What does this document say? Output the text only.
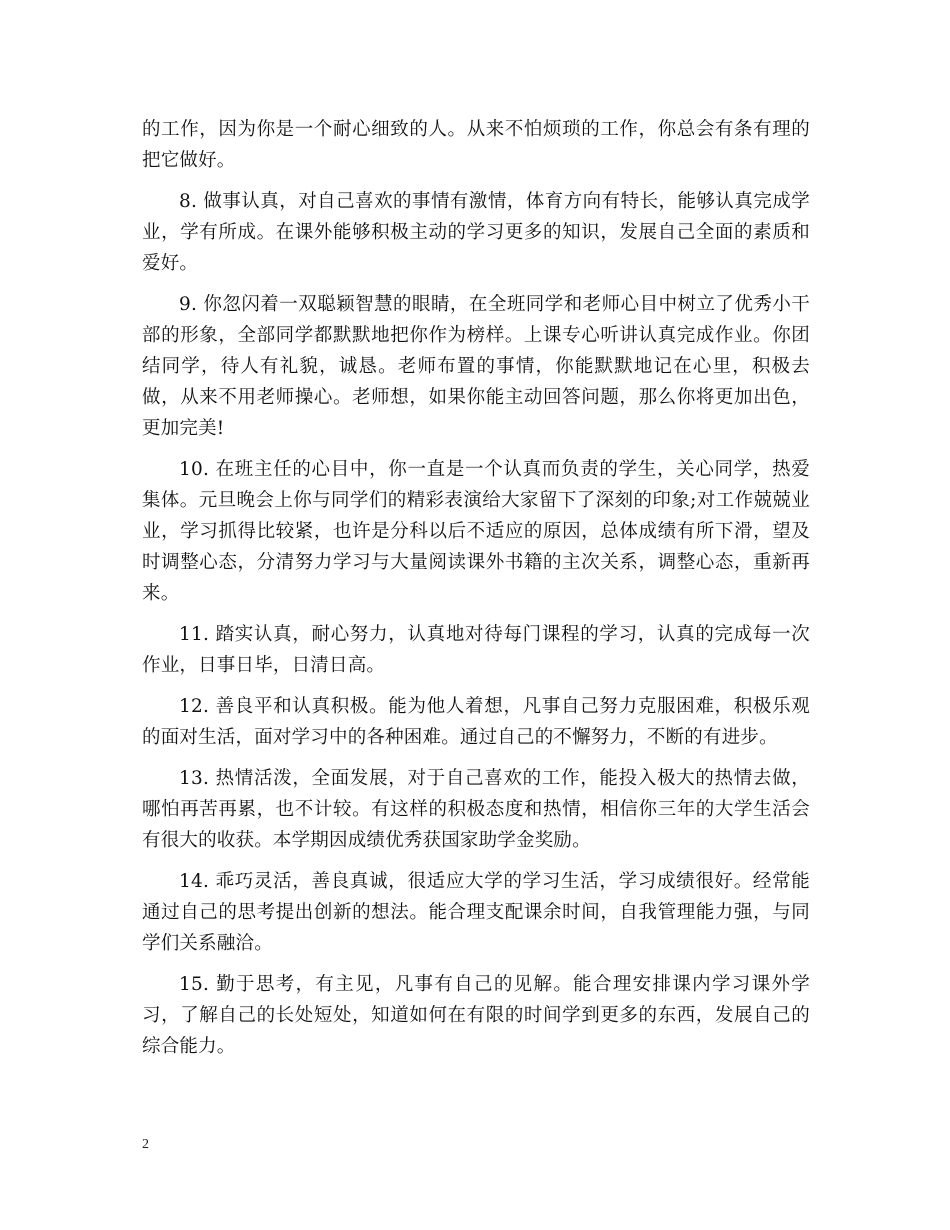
的工作，因为你是一个耐心细致的人。从来不怕烦琐的工作，你总会有条有理的把它做好。

8. 做事认真，对自己喜欢的事情有激情，体育方向有特长，能够认真完成学业，学有所成。在课外能够积极主动的学习更多的知识，发展自己全面的素质和爱好。

9. 你忽闪着一双聪颖智慧的眼睛，在全班同学和老师心目中树立了优秀小干部的形象，全部同学都默默地把你作为榜样。上课专心听讲认真完成作业。你团结同学，待人有礼貌，诚恳。老师布置的事情，你能默默地记在心里，积极去做，从来不用老师操心。老师想，如果你能主动回答问题，那么你将更加出色，更加完美!

10. 在班主任的心目中，你一直是一个认真而负责的学生，关心同学，热爱集体。元旦晚会上你与同学们的精彩表演给大家留下了深刻的印象;对工作兢兢业业，学习抓得比较紧，也许是分科以后不适应的原因，总体成绩有所下滑，望及时调整心态，分清努力学习与大量阅读课外书籍的主次关系，调整心态，重新再来。

11. 踏实认真，耐心努力，认真地对待每门课程的学习，认真的完成每一次作业，日事日毕，日清日高。

12. 善良平和认真积极。能为他人着想，凡事自己努力克服困难，积极乐观的面对生活，面对学习中的各种困难。通过自己的不懈努力，不断的有进步。

13. 热情活泼，全面发展，对于自己喜欢的工作，能投入极大的热情去做，哪怕再苦再累，也不计较。有这样的积极态度和热情，相信你三年的大学生活会有很大的收获。本学期因成绩优秀获国家助学金奖励。

14. 乖巧灵活，善良真诚，很适应大学的学习生活，学习成绩很好。经常能通过自己的思考提出创新的想法。能合理支配课余时间，自我管理能力强，与同学们关系融洽。

15. 勤于思考，有主见，凡事有自己的见解。能合理安排课内学习课外学习，了解自己的长处短处，知道如何在有限的时间学到更多的东西，发展自己的综合能力。

2
